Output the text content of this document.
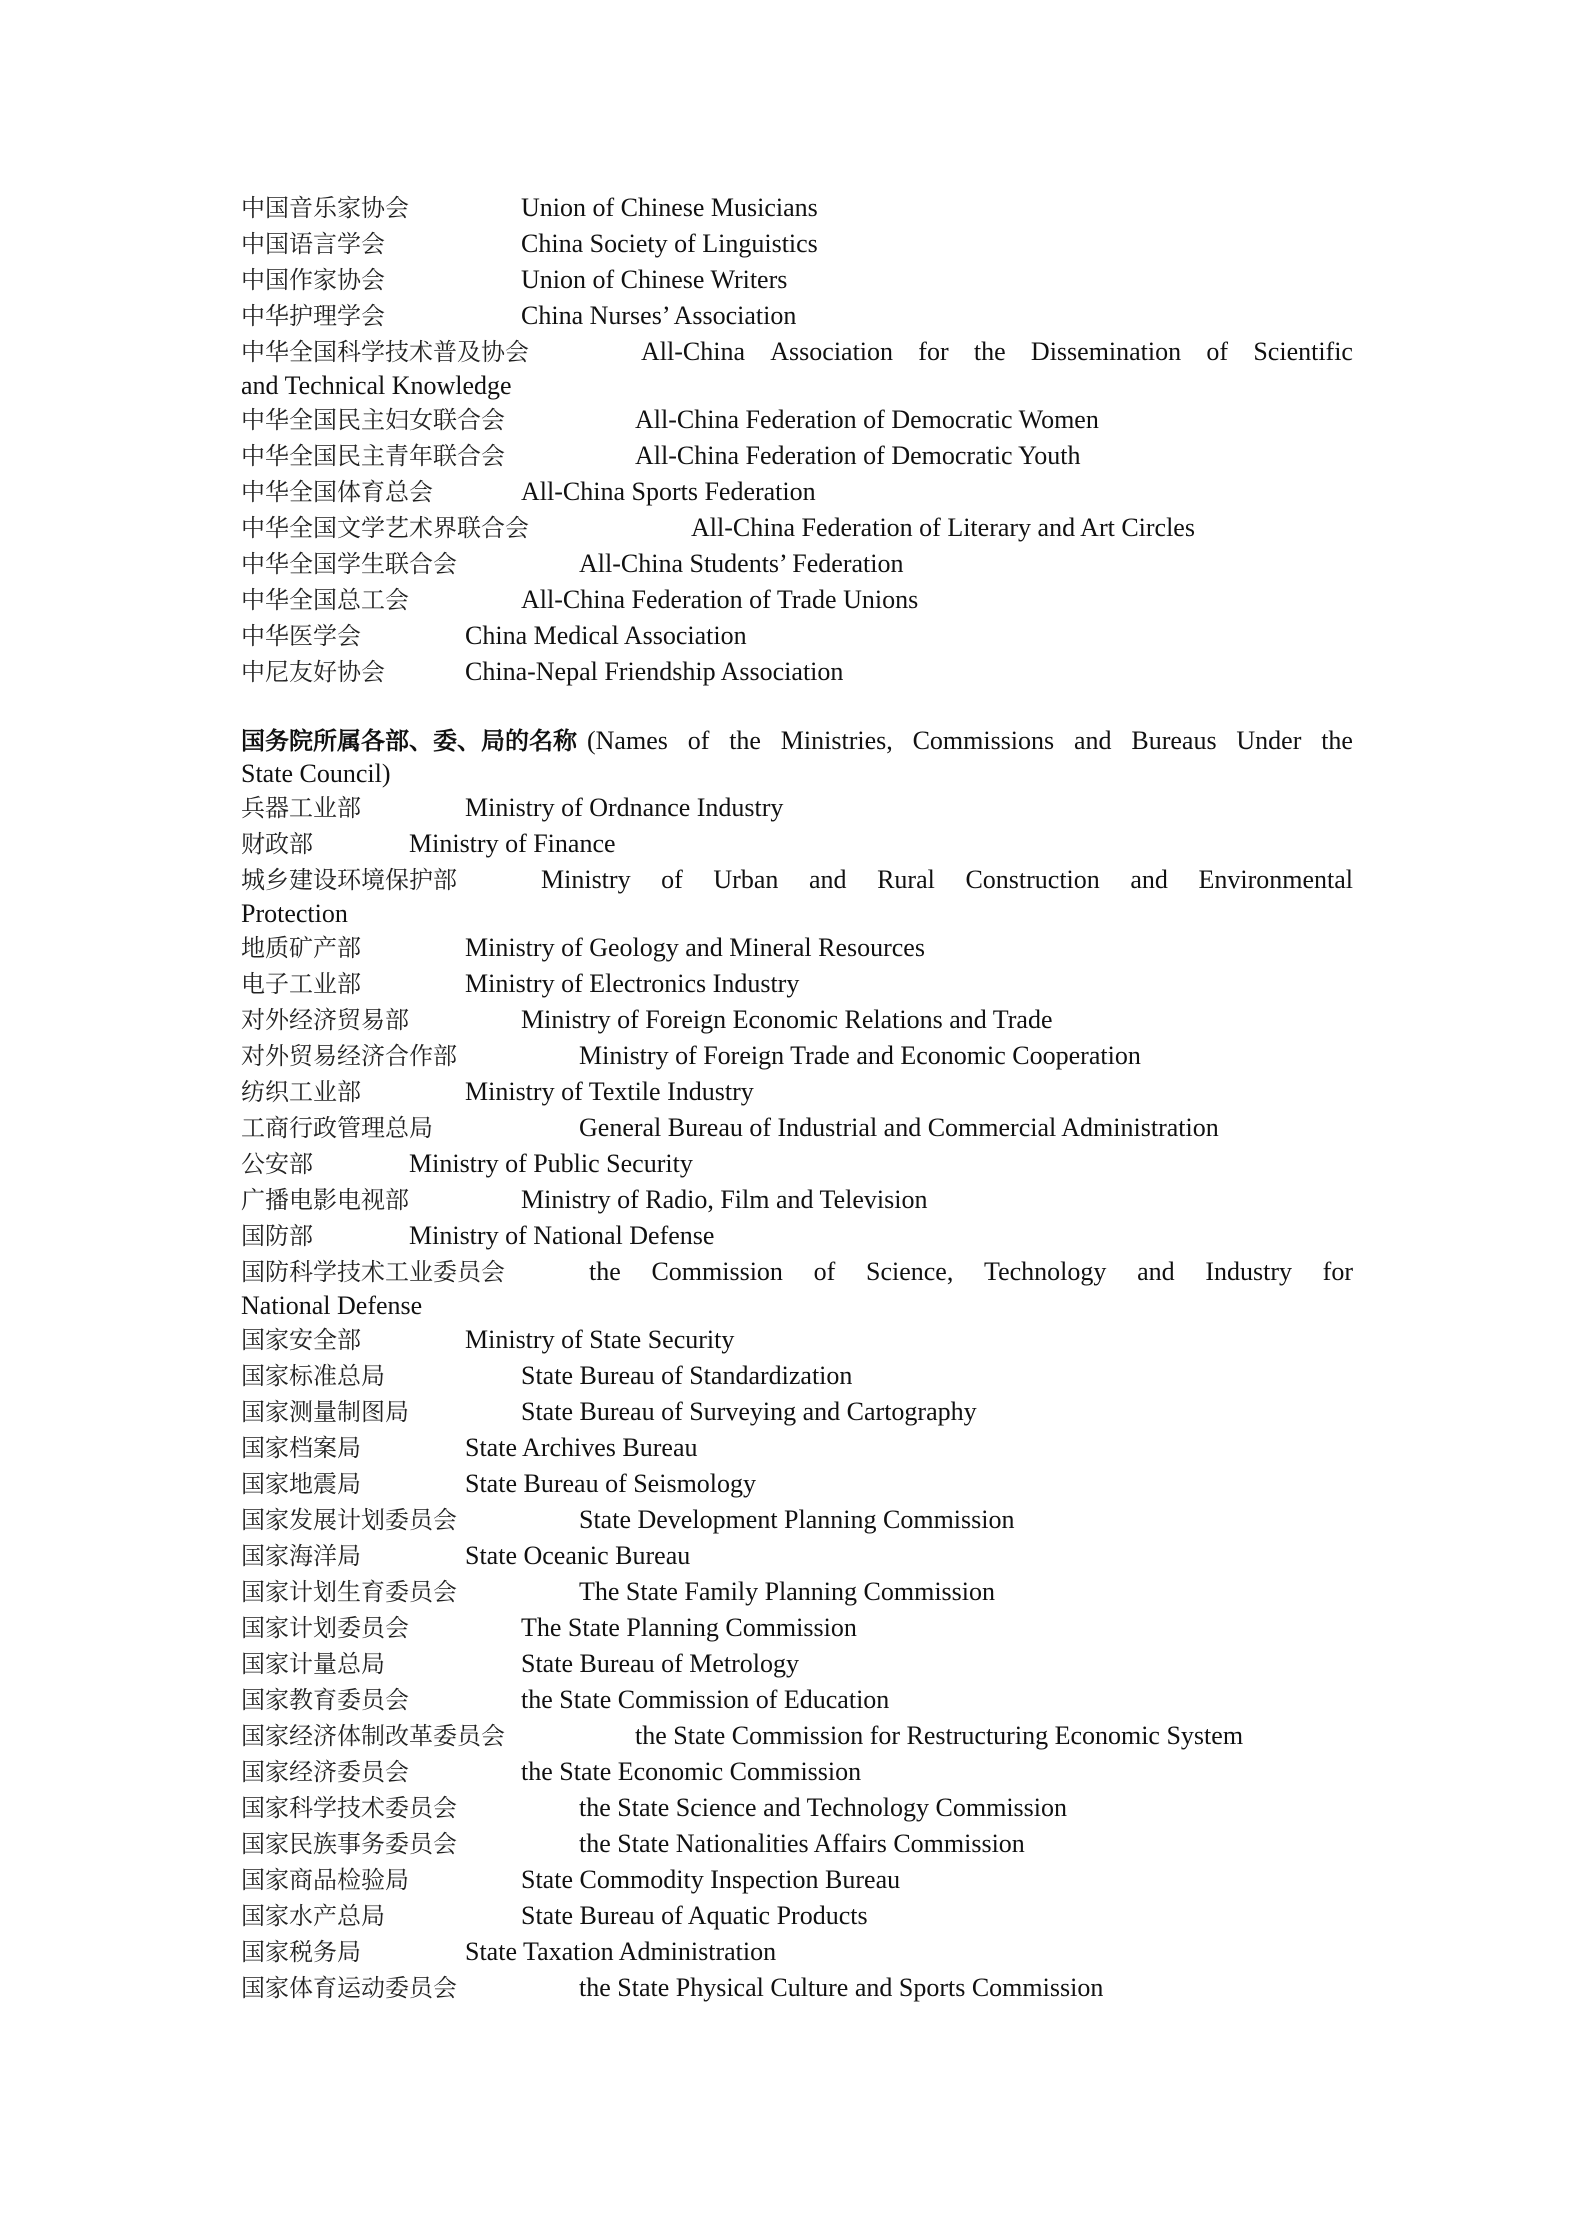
中国音乐家协会	Union of Chinese Musicians
中国语言学会	China Society of Linguistics
中国作家协会	Union of Chinese Writers
中华护理学会	China Nurses’ Association
中华全国科学技术普及协会	All-China Association for the Dissemination of Scientific
and Technical Knowledge
中华全国民主妇女联合会	All-China Federation of Democratic Women
中华全国民主青年联合会	All-China Federation of Democratic Youth
中华全国体育总会	All-China Sports Federation
中华全国文学艺术界联合会	All-China Federation of Literary and Art Circles
中华全国学生联合会	All-China Students’ Federation
中华全国总工会	All-China Federation of Trade Unions
中华医学会	China Medical Association
中尼友好协会	China-Nepal Friendship Association
国务院所属各部、委、局的名称 (Names of the Ministries, Commissions and Bureaus Under the
State Council)
兵器工业部	Ministry of Ordnance Industry
财政部	Ministry of Finance
城乡建设环境保护部	Ministry of Urban and Rural Construction and Environmental
Protection
地质矿产部	Ministry of Geology and Mineral Resources
电子工业部	Ministry of Electronics Industry
对外经济贸易部	Ministry of Foreign Economic Relations and Trade
对外贸易经济合作部	Ministry of Foreign Trade and Economic Cooperation
纺织工业部	Ministry of Textile Industry
工商行政管理总局	General Bureau of Industrial and Commercial Administration
公安部	Ministry of Public Security
广播电影电视部	Ministry of Radio, Film and Television
国防部	Ministry of National Defense
国防科学技术工业委员会	the Commission of Science, Technology and Industry for
National Defense
国家安全部	Ministry of State Security
国家标准总局	State Bureau of Standardization
国家测量制图局	State Bureau of Surveying and Cartography
国家档案局	State Archives Bureau
国家地震局	State Bureau of Seismology
国家发展计划委员会	State Development Planning Commission
国家海洋局	State Oceanic Bureau
国家计划生育委员会	The State Family Planning Commission
国家计划委员会	The State Planning Commission
国家计量总局	State Bureau of Metrology
国家教育委员会	the State Commission of Education
国家经济体制改革委员会	the State Commission for Restructuring Economic System
国家经济委员会	the State Economic Commission
国家科学技术委员会	the State Science and Technology Commission
国家民族事务委员会	the State Nationalities Affairs Commission
国家商品检验局	State Commodity Inspection Bureau
国家水产总局	State Bureau of Aquatic Products
国家税务局	State Taxation Administration
国家体育运动委员会	the State Physical Culture and Sports Commission
